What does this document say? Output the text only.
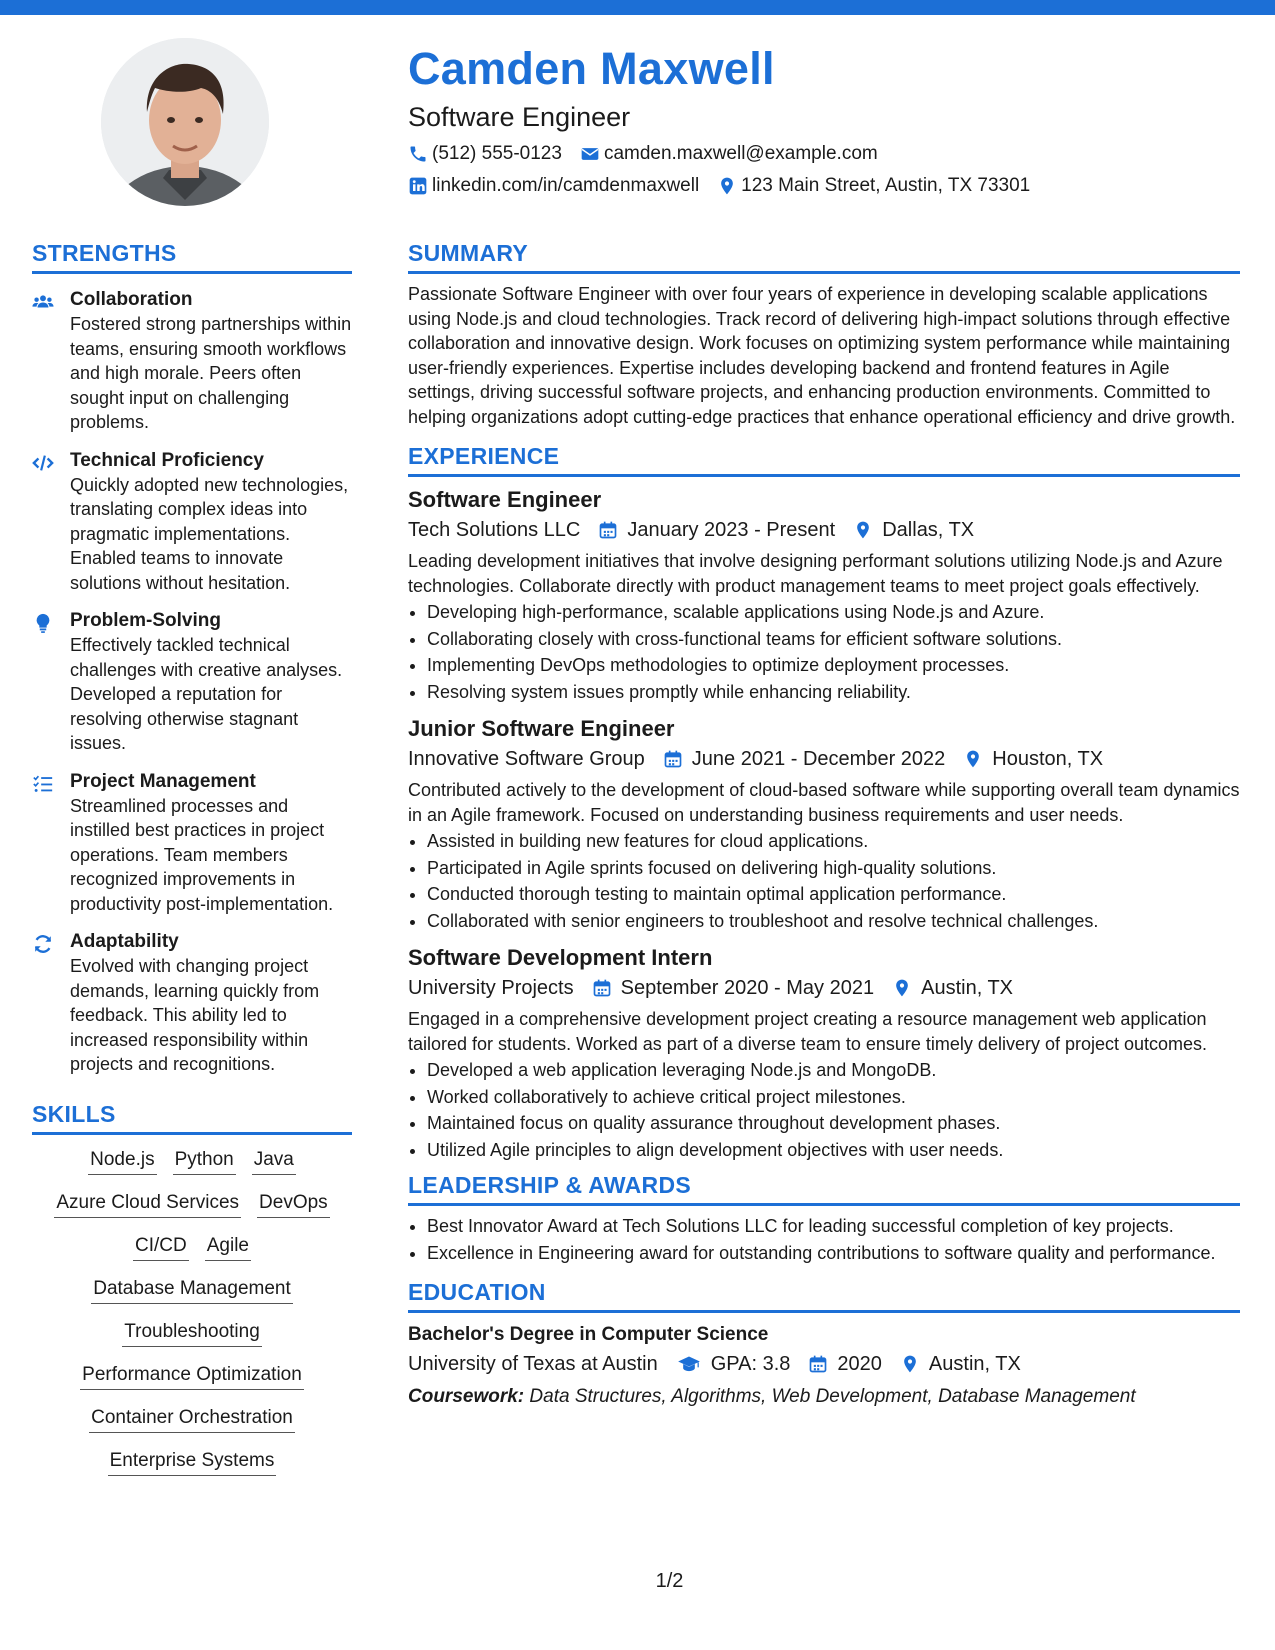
Camden Maxwell
Software Engineer
(512) 555-0123 camden.maxwell@example.com
linkedin.com/in/camdenmaxwell 123 Main Street, Austin, TX 73301
STRENGTHS
Collaboration
Fostered strong partnerships within teams, ensuring smooth workflows and high morale. Peers often sought input on challenging problems.
Technical Proficiency
Quickly adopted new technologies, translating complex ideas into pragmatic implementations. Enabled teams to innovate solutions without hesitation.
Problem-Solving
Effectively tackled technical challenges with creative analyses. Developed a reputation for resolving otherwise stagnant issues.
Project Management
Streamlined processes and instilled best practices in project operations. Team members recognized improvements in productivity post-implementation.
Adaptability
Evolved with changing project demands, learning quickly from feedback. This ability led to increased responsibility within projects and recognitions.
SKILLS
Node.js Python Java
Azure Cloud Services DevOps
CI/CD Agile
Database Management
Troubleshooting
Performance Optimization
Container Orchestration
Enterprise Systems
SUMMARY
Passionate Software Engineer with over four years of experience in developing scalable applications using Node.js and cloud technologies. Track record of delivering high-impact solutions through effective collaboration and innovative design. Work focuses on optimizing system performance while maintaining user-friendly experiences. Expertise includes developing backend and frontend features in Agile settings, driving successful software projects, and enhancing production environments. Committed to helping organizations adopt cutting-edge practices that enhance operational efficiency and drive growth.
EXPERIENCE
Software Engineer
Tech Solutions LLC January 2023 - Present Dallas, TX
Leading development initiatives that involve designing performant solutions utilizing Node.js and Azure technologies. Collaborate directly with product management teams to meet project goals effectively.
• Developing high-performance, scalable applications using Node.js and Azure.
• Collaborating closely with cross-functional teams for efficient software solutions.
• Implementing DevOps methodologies to optimize deployment processes.
• Resolving system issues promptly while enhancing reliability.
Junior Software Engineer
Innovative Software Group June 2021 - December 2022 Houston, TX
Contributed actively to the development of cloud-based software while supporting overall team dynamics in an Agile framework. Focused on understanding business requirements and user needs.
• Assisted in building new features for cloud applications.
• Participated in Agile sprints focused on delivering high-quality solutions.
• Conducted thorough testing to maintain optimal application performance.
• Collaborated with senior engineers to troubleshoot and resolve technical challenges.
Software Development Intern
University Projects September 2020 - May 2021 Austin, TX
Engaged in a comprehensive development project creating a resource management web application tailored for students. Worked as part of a diverse team to ensure timely delivery of project outcomes.
• Developed a web application leveraging Node.js and MongoDB.
• Worked collaboratively to achieve critical project milestones.
• Maintained focus on quality assurance throughout development phases.
• Utilized Agile principles to align development objectives with user needs.
LEADERSHIP & AWARDS
• Best Innovator Award at Tech Solutions LLC for leading successful completion of key projects.
• Excellence in Engineering award for outstanding contributions to software quality and performance.
EDUCATION
Bachelor's Degree in Computer Science
University of Texas at Austin	GPA: 3.8 2020 Austin, TX
Coursework: Data Structures, Algorithms, Web Development, Database Management
1/2
